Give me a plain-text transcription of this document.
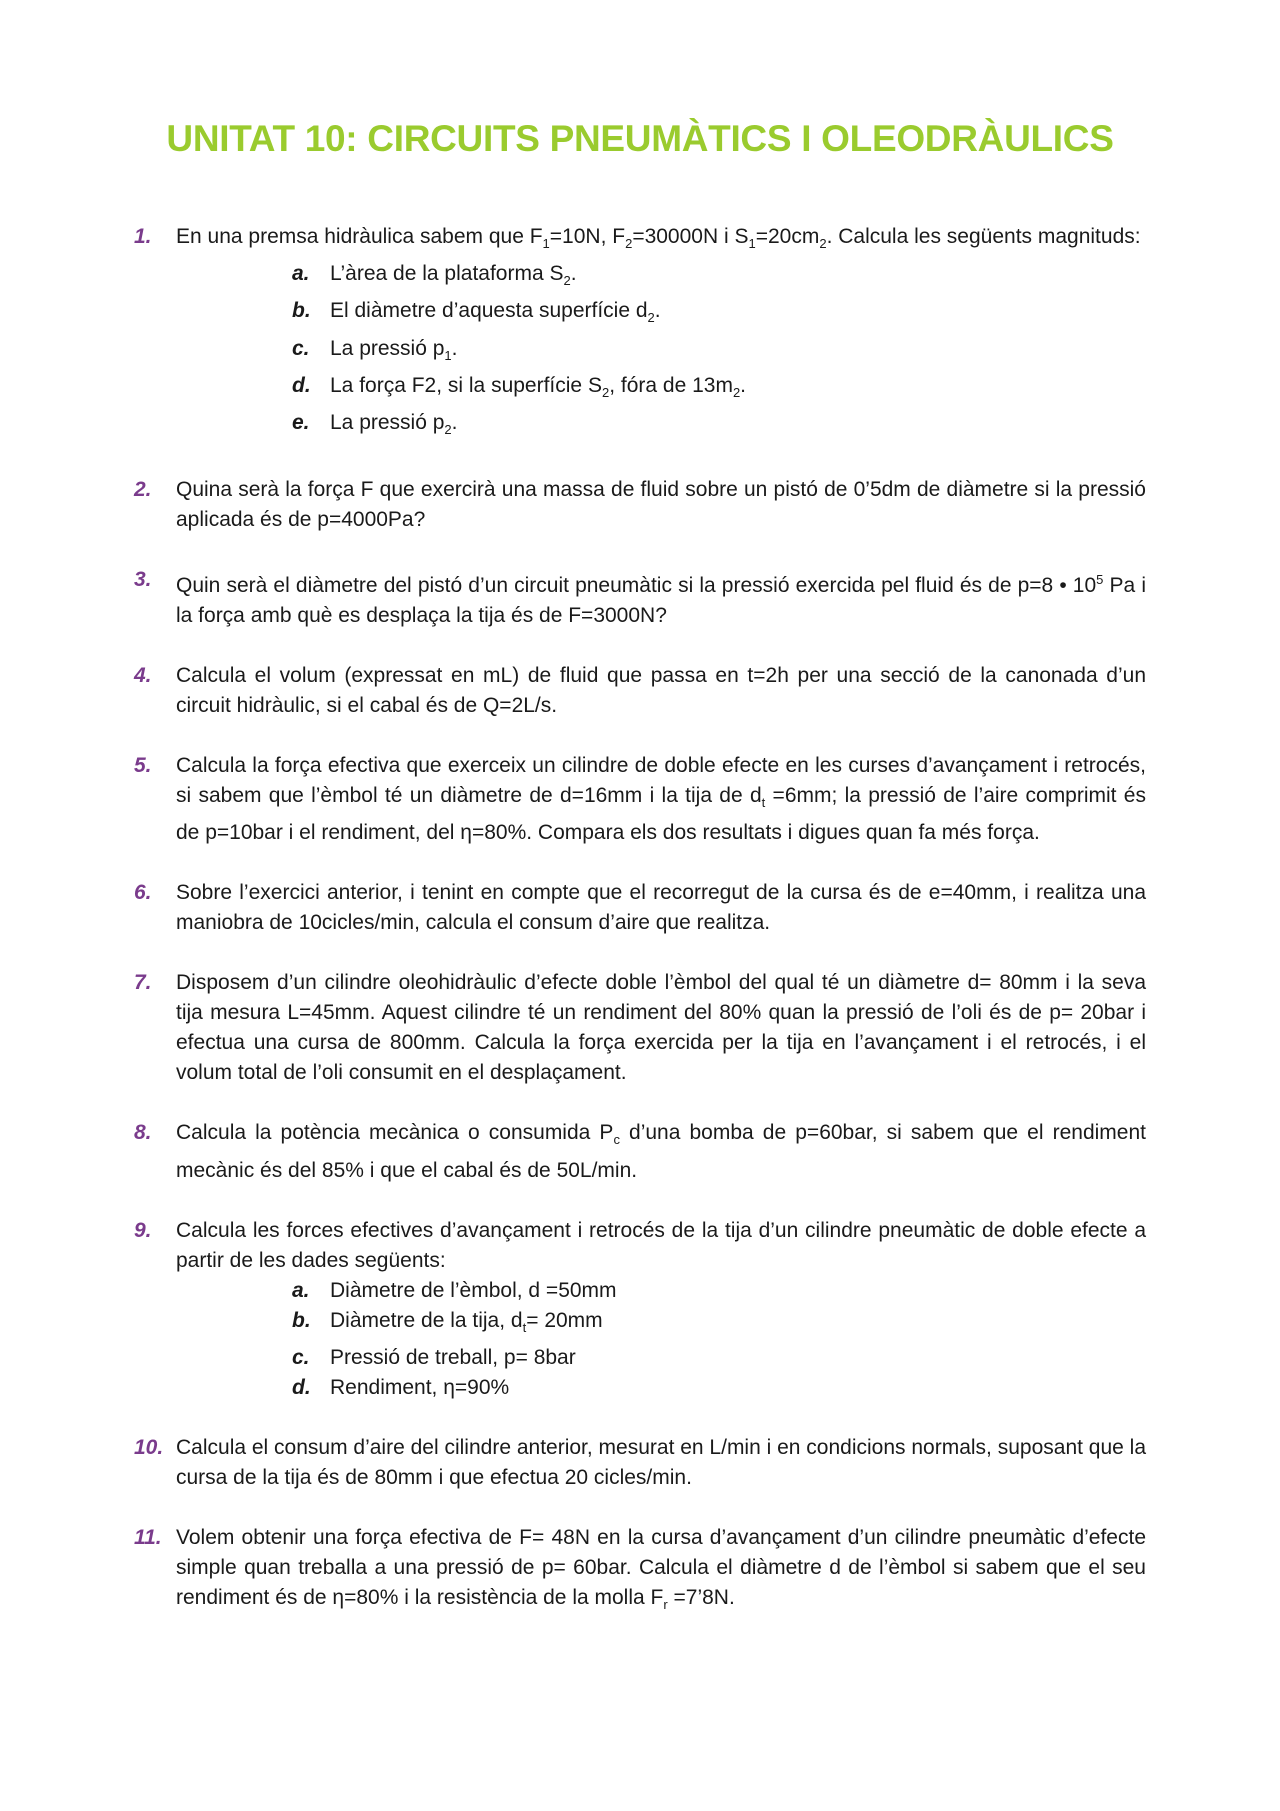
UNITAT 10: CIRCUITS PNEUMÀTICS I OLEODRÀULICS
1. En una premsa hidràulica sabem que $F_1=10N$, $F_2=30000N$ i $S_1=20cm_2$. Calcula les següents magnituds:

a. L’àrea de la plataforma $S_2$.
b. El diàmetre d’aquesta superfície $d_2$.
c. La pressió $p_1$.
d. La força F2, si la superfície $S_2$, fóra de $13m_2$.
e. La pressió $p_2$.
2. Quina serà la força F que exercirà una massa de fluid sobre un pistó de 0’5dm de diàmetre si la pressió aplicada és de p=4000Pa?

3. Quin serà el diàmetre del pistó d’un circuit pneumàtic si la pressió exercida pel fluid és de p=8 • $10^5$ Pa i la força amb què es desplaça la tija és de F=3000N?

4. Calcula el volum (expressat en mL) de fluid que passa en t=2h per una secció de la canonada d’un circuit hidràulic, si el cabal és de Q=2L/s.

5. Calcula la força efectiva que exerceix un cilindre de doble efecte en les curses d’avançament i retrocés, si sabem que l’èmbol té un diàmetre de d=16mm i la tija de $d_t =6mm$; la pressió de l’aire comprimit és de p=10bar i el rendiment, del η=80%. Compara els dos resultats i digues quan fa més força.

6. Sobre l’exercici anterior, i tenint en compte que el recorregut de la cursa és de e=40mm, i realitza una maniobra de 10cicles/min, calcula el consum d’aire que realitza.

7. Disposem d’un cilindre oleohidràulic d’efecte doble l’èmbol del qual té un diàmetre d= 80mm i la seva tija mesura L=45mm. Aquest cilindre té un rendiment del 80% quan la pressió de l’oli és de p= 20bar i efectua una cursa de 800mm. Calcula la força exercida per la tija en l’avançament i el retrocés, i el volum total de l’oli consumit en el desplaçament.

8. Calcula la potència mecànica o consumida $P_c$ d’una bomba de p=60bar, si sabem que el rendiment mecànic és del 85% i que el cabal és de 50L/min.

9. Calcula les forces efectives d’avançament i retrocés de la tija d’un cilindre pneumàtic de doble efecte a partir de les dades següents:

a. Diàmetre de l’èmbol, d =50mm
b. Diàmetre de la tija, $d_t= 20mm$
c. Pressió de treball, p= 8bar
d. Rendiment, η=90%
10. Calcula el consum d’aire del cilindre anterior, mesurat en L/min i en condicions normals, suposant que la cursa de la tija és de 80mm i que efectua 20 cicles/min.

11. Volem obtenir una força efectiva de F= 48N en la cursa d’avançament d’un cilindre pneumàtic d’efecte simple quan treballa a una pressió de p= 60bar. Calcula el diàmetre d de l’èmbol si sabem que el seu rendiment és de η=80% i la resistència de la molla $F_r$ =7’8N.
